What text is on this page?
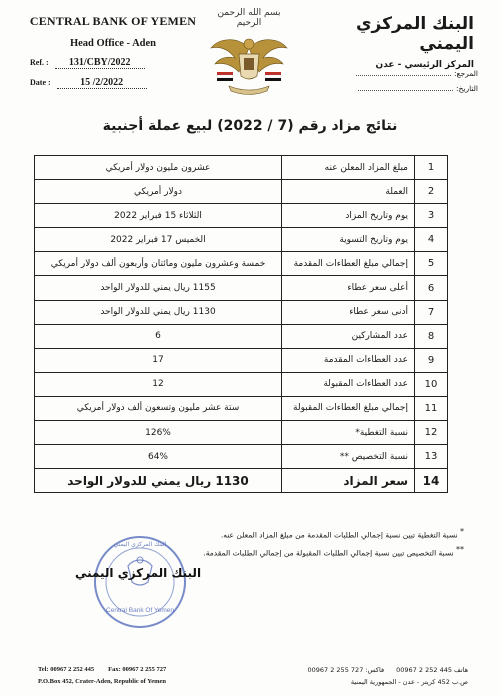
CENTRAL BANK OF YEMEN
Head Office - Aden
Ref. : 131/CBY/2022
Date :	15 /2/2022
بسم الله الرحمن الرحيم	البنك المركزي اليمني
المركز الرئيسي - عدن
المرجع:
التاريخ:
نتائج مزاد رقم (7 / 2022) لبيع عملة أجنبية
1	مبلغ المزاد المعلن عنه	عشرون مليون دولار أمريكي
2	العملة	دولار أمريكي
3	يوم وتاريخ المزاد	الثلاثاء 15 فبراير 2022
4	يوم وتاريخ التسوية	الخميس 17 فبراير 2022
5	إجمالي مبلغ العطاءات المقدمة	خمسة وعشرون مليون ومائتان وأربعون ألف دولار أمريكي
6	أعلى سعر عطاء	1155 ريال يمني للدولار الواحد
7	أدنى سعر عطاء	1130 ريال يمني للدولار الواحد
8	عدد المشاركين	6
9	عدد العطاءات المقدمة	17
10	عدد العطاءات المقبولة	12
11	إجمالي مبلغ العطاءات المقبولة	ستة عشر مليون وتسعون ألف دولار أمريكي
12	نسبة التغطية*	126%
13	نسبة التخصيص **	64%
14	سعر المزاد	1130 ريال يمني للدولار الواحد
* نسبة التغطية تبين نسبة إجمالي الطلبات المقدمة من مبلغ المزاد المعلن عنه.
** نسبة التخصيص تبين نسبة إجمالي الطلبات المقبولة من إجمالي الطلبات المقدمة.
Central Bank Of Yemen
البنك المركزي اليمني
البنك المركزي اليمني
Tel: 00967 2 252 445 Fax: 00967 2 255 727
P.O.Box 452, Crater-Aden, Republic of Yemen
هاتف 445 252 2 00967فاكس: 727 255 2 00967
ص.ب 452 كريتر - عدن - الجمهورية اليمنية
